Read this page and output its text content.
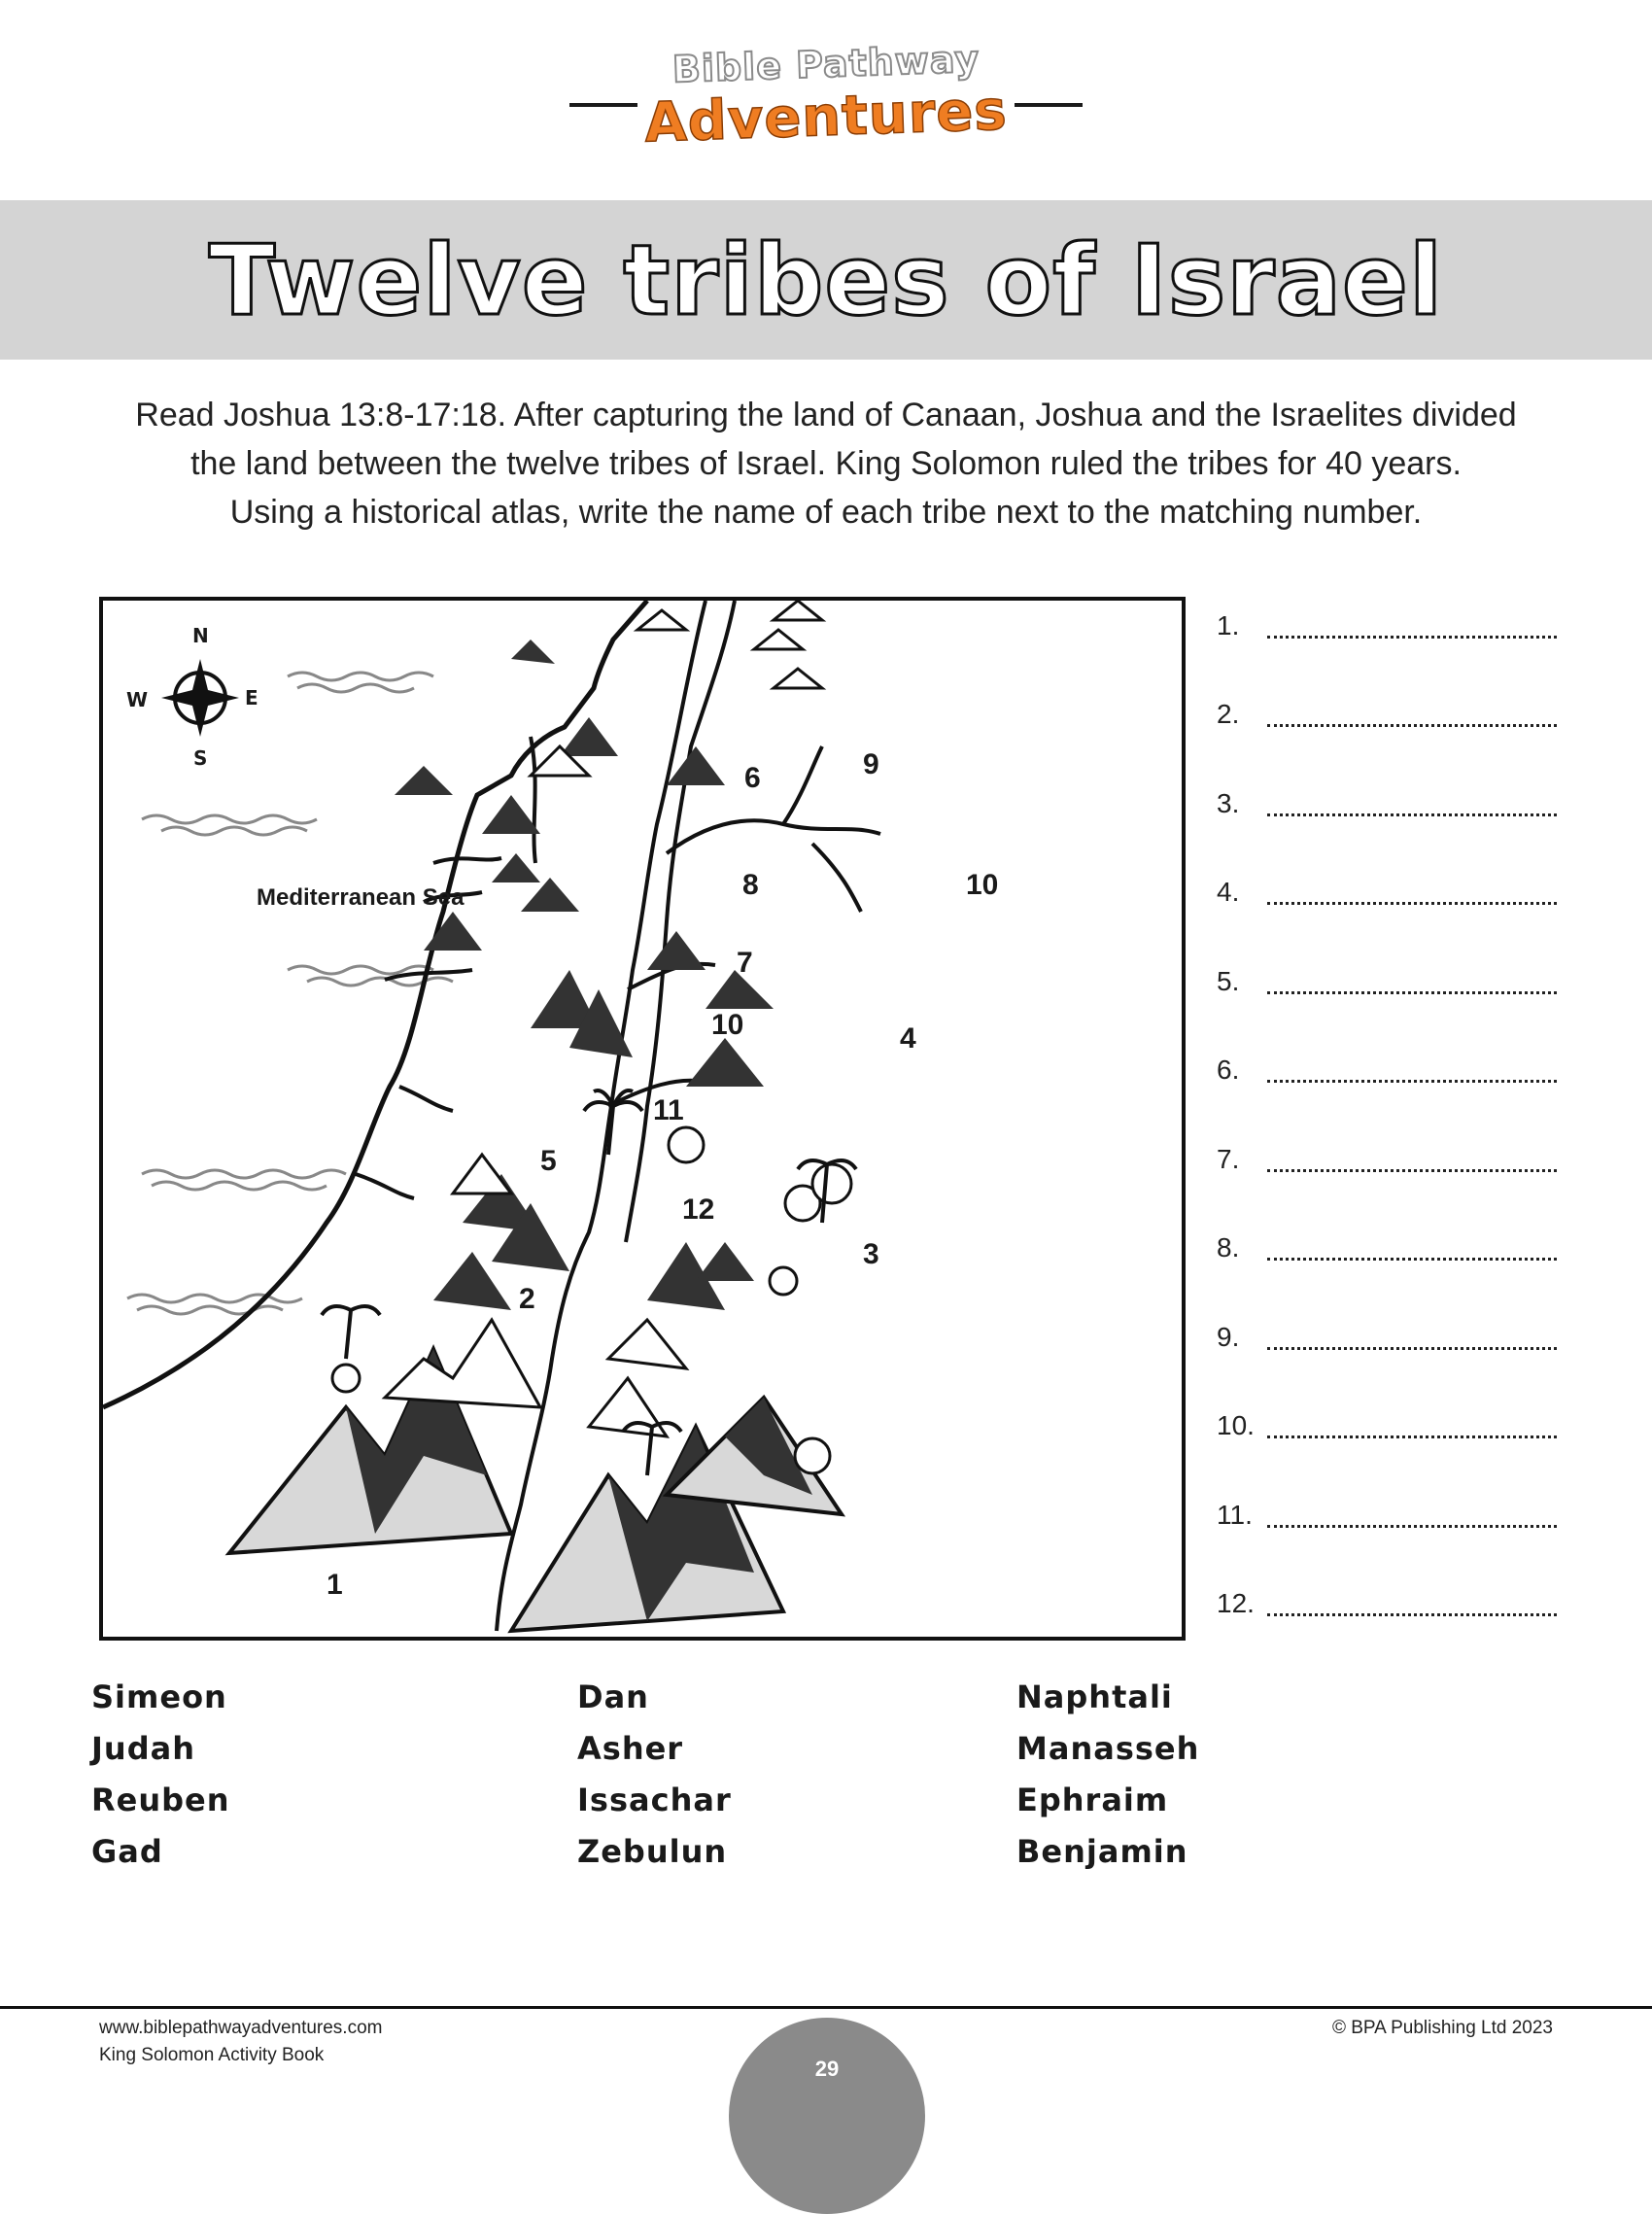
Bible Pathway
Adventures
Twelve tribes of Israel

Read Joshua 13:8-17:18. After capturing the land of Canaan, Joshua and the Israelites divided

the land between the twelve tribes of Israel. King Solomon ruled the tribes for 40 years.

Using a historical atlas, write the name of each tribe next to the matching number.

N
S
E
W
Mediterranean Sea
1
2
3
4
5
6
7
8
9
10
10
11
12
1.
2.
3.
4.
5.
6.
7.
8.
9.
10.
11.
12.
Simeon
Judah
Reuben
Gad
Dan
Asher
Issachar
Zebulun
Naphtali
Manasseh
Ephraim
Benjamin
www.biblepathwayadventures.com
King Solomon Activity Book
© BPA Publishing Ltd 2023
29
